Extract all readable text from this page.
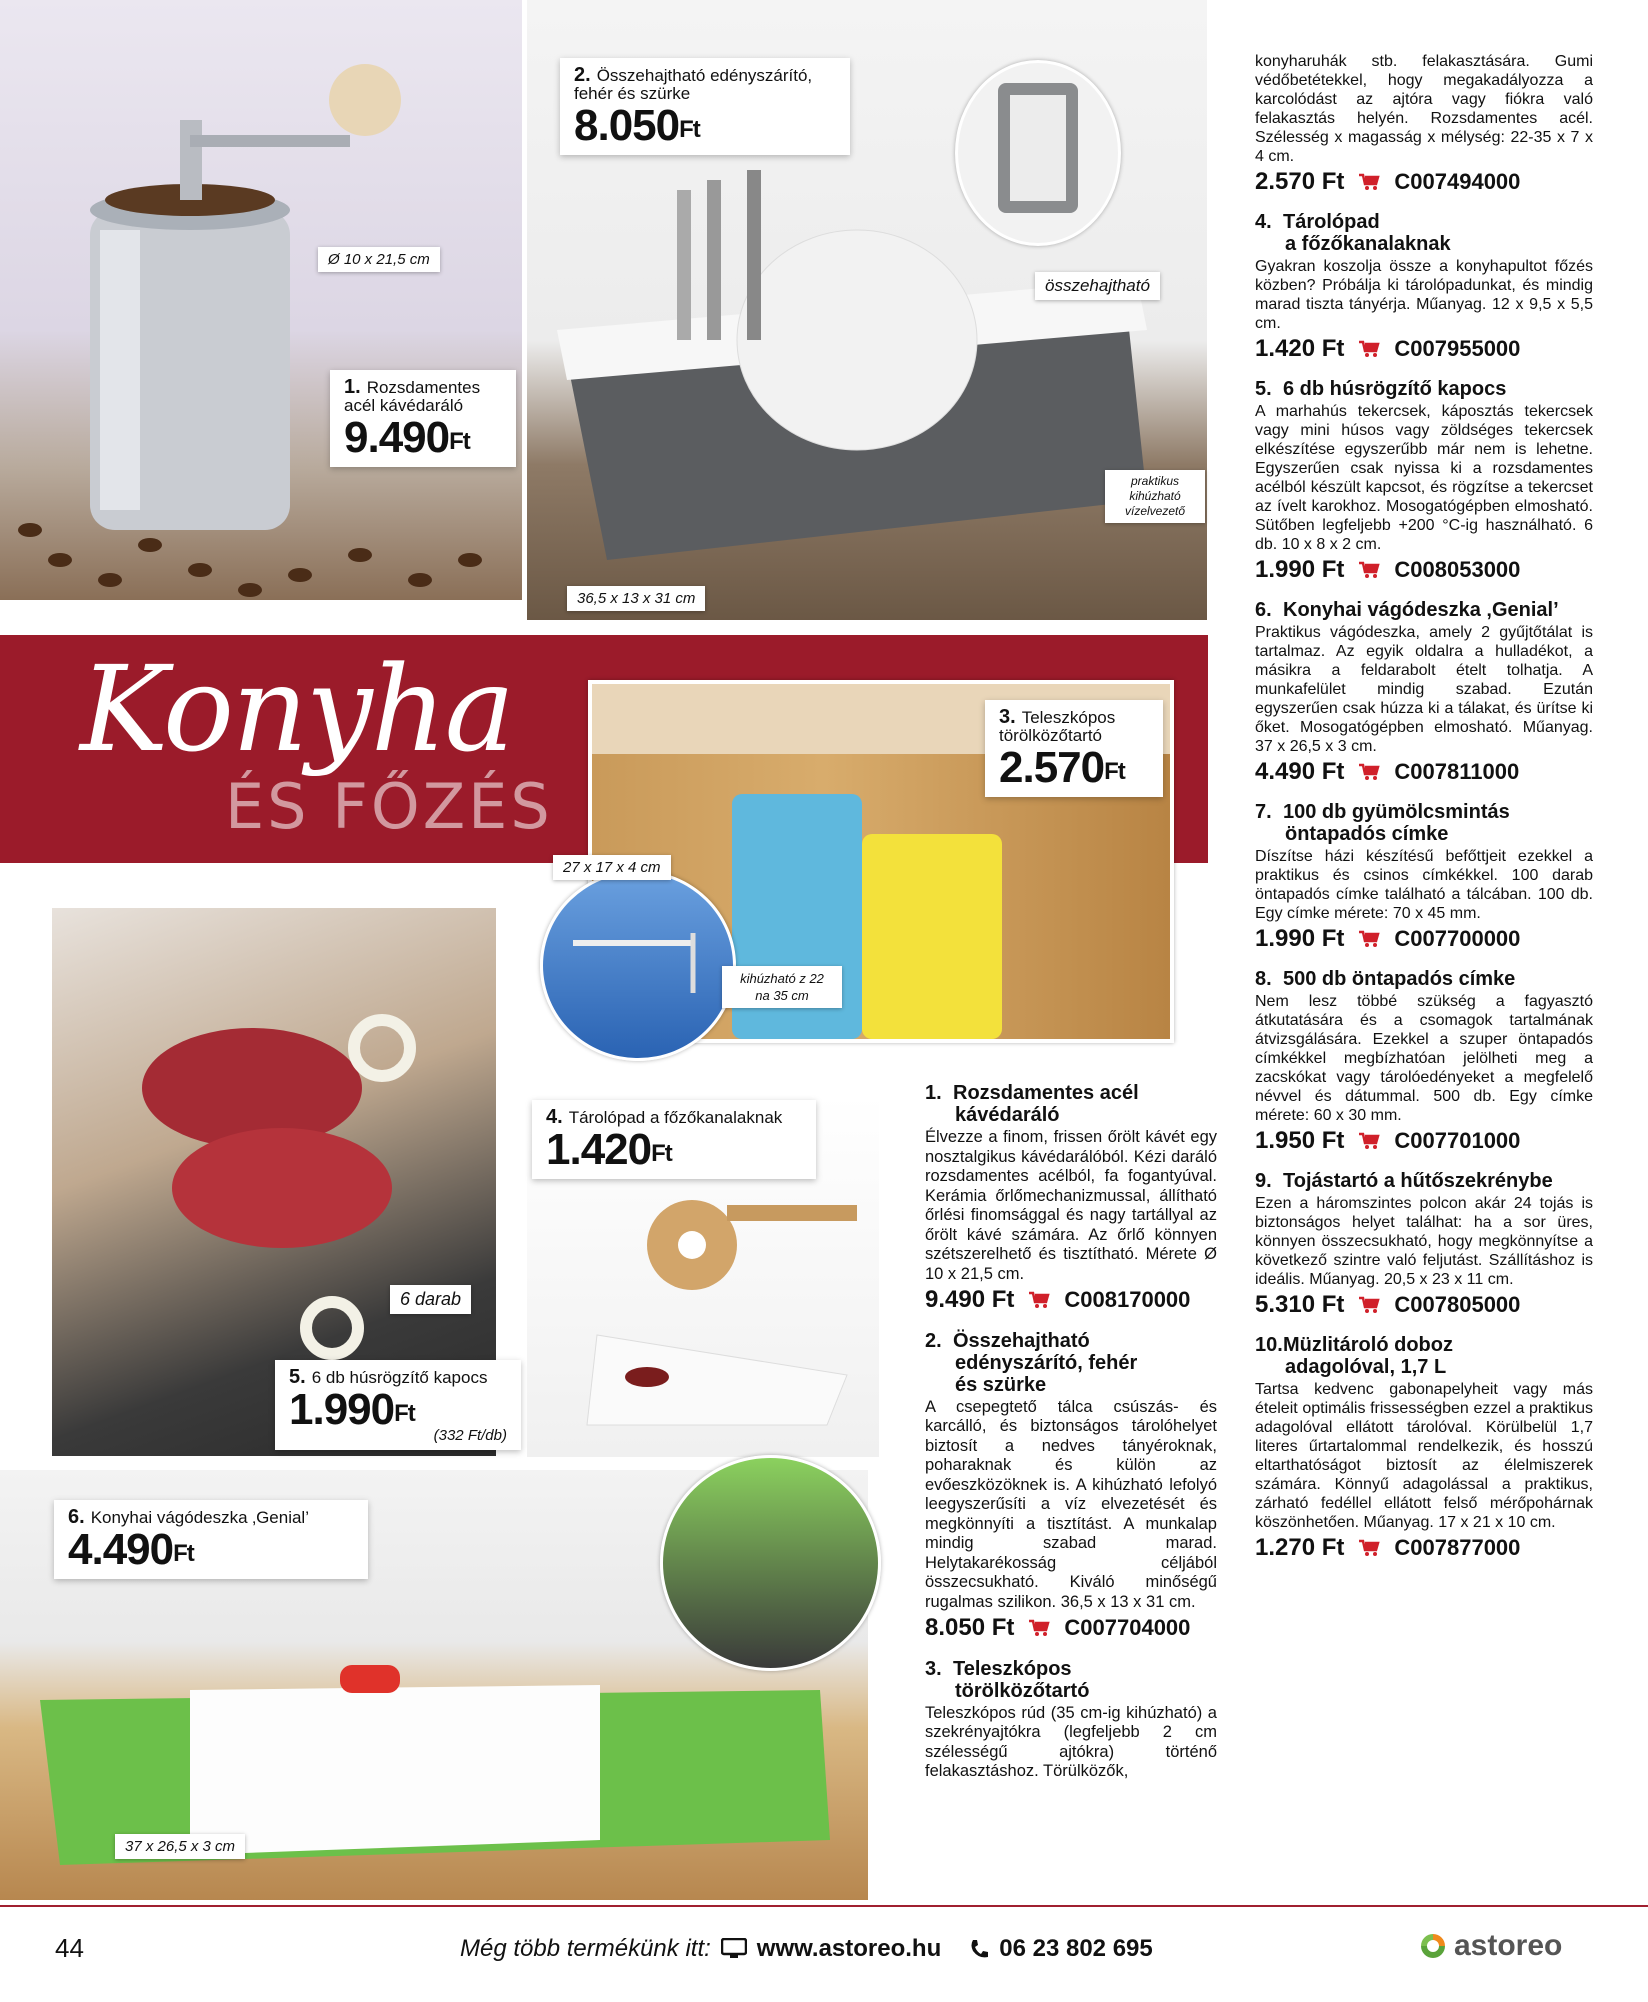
Ø 10 x 21,5 cm
1. Rozsdamentes acél kávédaráló
$9.490^{Ft}$
2. Összehajtható edényszárító, fehér és szürke
$8.050^{Ft}$
összehajtható
praktikus kihúzható vízelvezető
36,5 x 13 x 31 cm
Konyha
ÉS FŐZÉS
3. Teleszkópos törölközőtartó
$2.570^{Ft}$
27 x 17 x 4 cm
kihúzható z 22 na 35 cm
6 darab
5. 6 db húsrögzítő kapocs
$1.990^{Ft}$
(332 Ft/db)
4. Tárolópad a főzőkanalaknak
$1.420^{Ft}$
6. Konyhai vágódeszka ‚Genial’
$4.490^{Ft}$
37 x 26,5 x 3 cm
1. Rozsdamentes acél
kávédaráló

Élvezze a finom, frissen őrölt kávét egy nosztalgikus kávédarálóból. Kézi daráló rozsdamentes acélból, fa fogantyúval. Kerámia őrlőmechanizmussal, állítható őrlési finomsággal és nagy tartállyal az őrölt kávé számára. Az őrlő könnyen szétszerelhető és tisztítható. Mérete Ø 10 x 21,5 cm.

9.490 Ft C008170000
2. Összehajtható
edényszárító, fehér
és szürke

A csepegtető tálca csúszás- és karcálló, és biztonságos tárolóhelyet biztosít a nedves tányéroknak, poharaknak és külön az evőeszközöknek is. A kihúzható lefolyó leegyszerűsíti a víz elvezetését és megkönnyíti a tisztítást. A munkalap mindig szabad marad. Helytakarékosság céljából összecsukható. Kiváló minőségű rugalmas szilikon. 36,5 x 13 x 31 cm.

8.050 Ft C007704000
3. Teleszkópos
törölközőtartó

Teleszkópos rúd (35 cm-ig kihúzható) a szekrényajtókra (legfeljebb 2 cm szélességű ajtókra) történő felakasztáshoz. Törülközők,

konyharuhák stb. felakasztására. Gumi védőbetétekkel, hogy megakadályozza a karcolódást az ajtóra vagy fiókra való felakasztás helyén. Rozsdamentes acél. Szélesség x magasság x mélység: 22-35 x 7 x 4 cm.

2.570 Ft C007494000
4. Tárolópad
a főzőkanalaknak

Gyakran koszolja össze a konyhapultot főzés közben? Próbálja ki tárolópadunkat, és mindig marad tiszta tányérja. Műanyag. 12 x 9,5 x 5,5 cm.

1.420 Ft C007955000
5. 6 db húsrögzítő kapocs

A marhahús tekercsek, káposztás tekercsek vagy mini húsos vagy zöldséges tekercsek elkészítése egyszerűbb már nem is lehetne. Egyszerűen csak nyissa ki a rozsdamentes acélból készült kapcsot, és rögzítse a tekercset az ívelt karokhoz. Mosogatógépben elmosható. Sütőben legfeljebb +200 °C-ig használható. 6 db. 10 x 8 x 2 cm.

1.990 Ft C008053000
6. Konyhai vágódeszka ‚Genial’

Praktikus vágódeszka, amely 2 gyűjtőtálat is tartalmaz. Az egyik oldalra a hulladékot, a másikra a feldarabolt ételt tolhatja. A munkafelület mindig szabad. Ezután egyszerűen csak húzza ki a tálakat, és ürítse ki őket. Mosogatógépben elmosható. Műanyag. 37 x 26,5 x 3 cm.

4.490 Ft C007811000
7. 100 db gyümölcsmintás
öntapadós címke

Díszítse házi készítésű befőttjeit ezekkel a praktikus és csinos címkékkel. 100 darab öntapadós címke található a tálcában. 100 db. Egy címke mérete: 70 x 45 mm.

1.990 Ft C007700000
8. 500 db öntapadós címke

Nem lesz többé szükség a fagyasztó átkutatására és a csomagok tartalmának átvizsgálására. Ezekkel a szuper öntapadós címkékkel megbízhatóan jelölheti meg a zacskókat vagy tárolóedényeket a megfelelő névvel és dátummal. 500 db. Egy címke mérete: 60 x 30 mm.

1.950 Ft C007701000
9. Tojástartó a hűtőszekrénybe

Ezen a háromszintes polcon akár 24 tojás is biztonságos helyet találhat: ha a sor üres, könnyen összecsukható, hogy megkönnyítse a következő szintre való feljutást. Szállításhoz is ideális. Műanyag. 20,5 x 23 x 11 cm.

5.310 Ft C007805000
10.Müzlitároló doboz
adagolóval, 1,7 L

Tartsa kedvenc gabonapelyheit vagy más ételeit optimális frissességben ezzel a praktikus adagolóval ellátott tárolóval. Körülbelül 1,7 literes űrtartalommal rendelkezik, és hosszú eltarthatóságot biztosít az élelmiszerek számára. Könnyű adagolással a praktikus, zárható fedéllel ellátott felső mérőpohárnak köszönhetően. Műanyag. 17 x 21 x 10 cm.

1.270 Ft C007877000
44	Még több termékünk itt: www.astoreo.hu 06 23 802 695	astoreo
